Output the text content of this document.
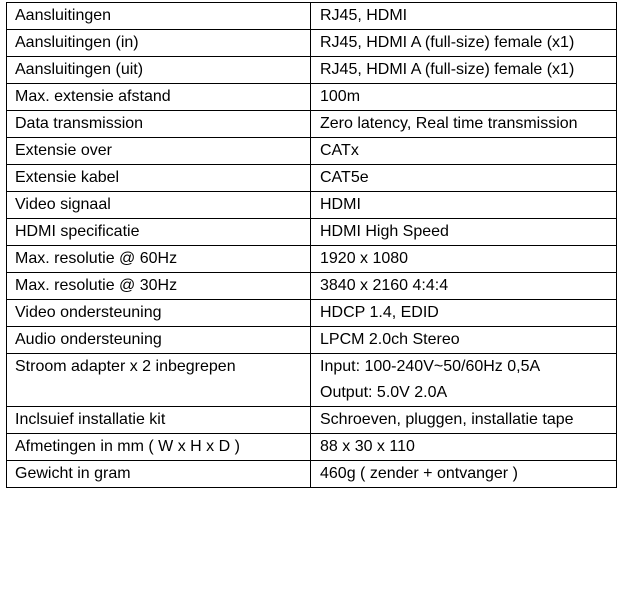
Aansluitingen	RJ45, HDMI
Aansluitingen (in)	RJ45, HDMI A (full-size) female (x1)
Aansluitingen (uit)	RJ45, HDMI A (full-size) female (x1)
Max. extensie afstand	100m
Data transmission	Zero latency, Real time transmission
Extensie over	CATx
Extensie kabel	CAT5e
Video signaal	HDMI
HDMI specificatie	HDMI High Speed
Max. resolutie @ 60Hz	1920 x 1080
Max. resolutie @ 30Hz	3840 x 2160 4:4:4
Video ondersteuning	HDCP 1.4, EDID
Audio ondersteuning	LPCM 2.0ch Stereo
Stroom adapter x 2 inbegrepen	Input: 100-240V~50/60Hz 0,5A
Output: 5.0V 2.0A

Inclsuief installatie kit	Schroeven, pluggen, installatie tape
Afmetingen in mm ( W x H x D )	88 x 30 x 110
Gewicht in gram	460g ( zender + ontvanger )
